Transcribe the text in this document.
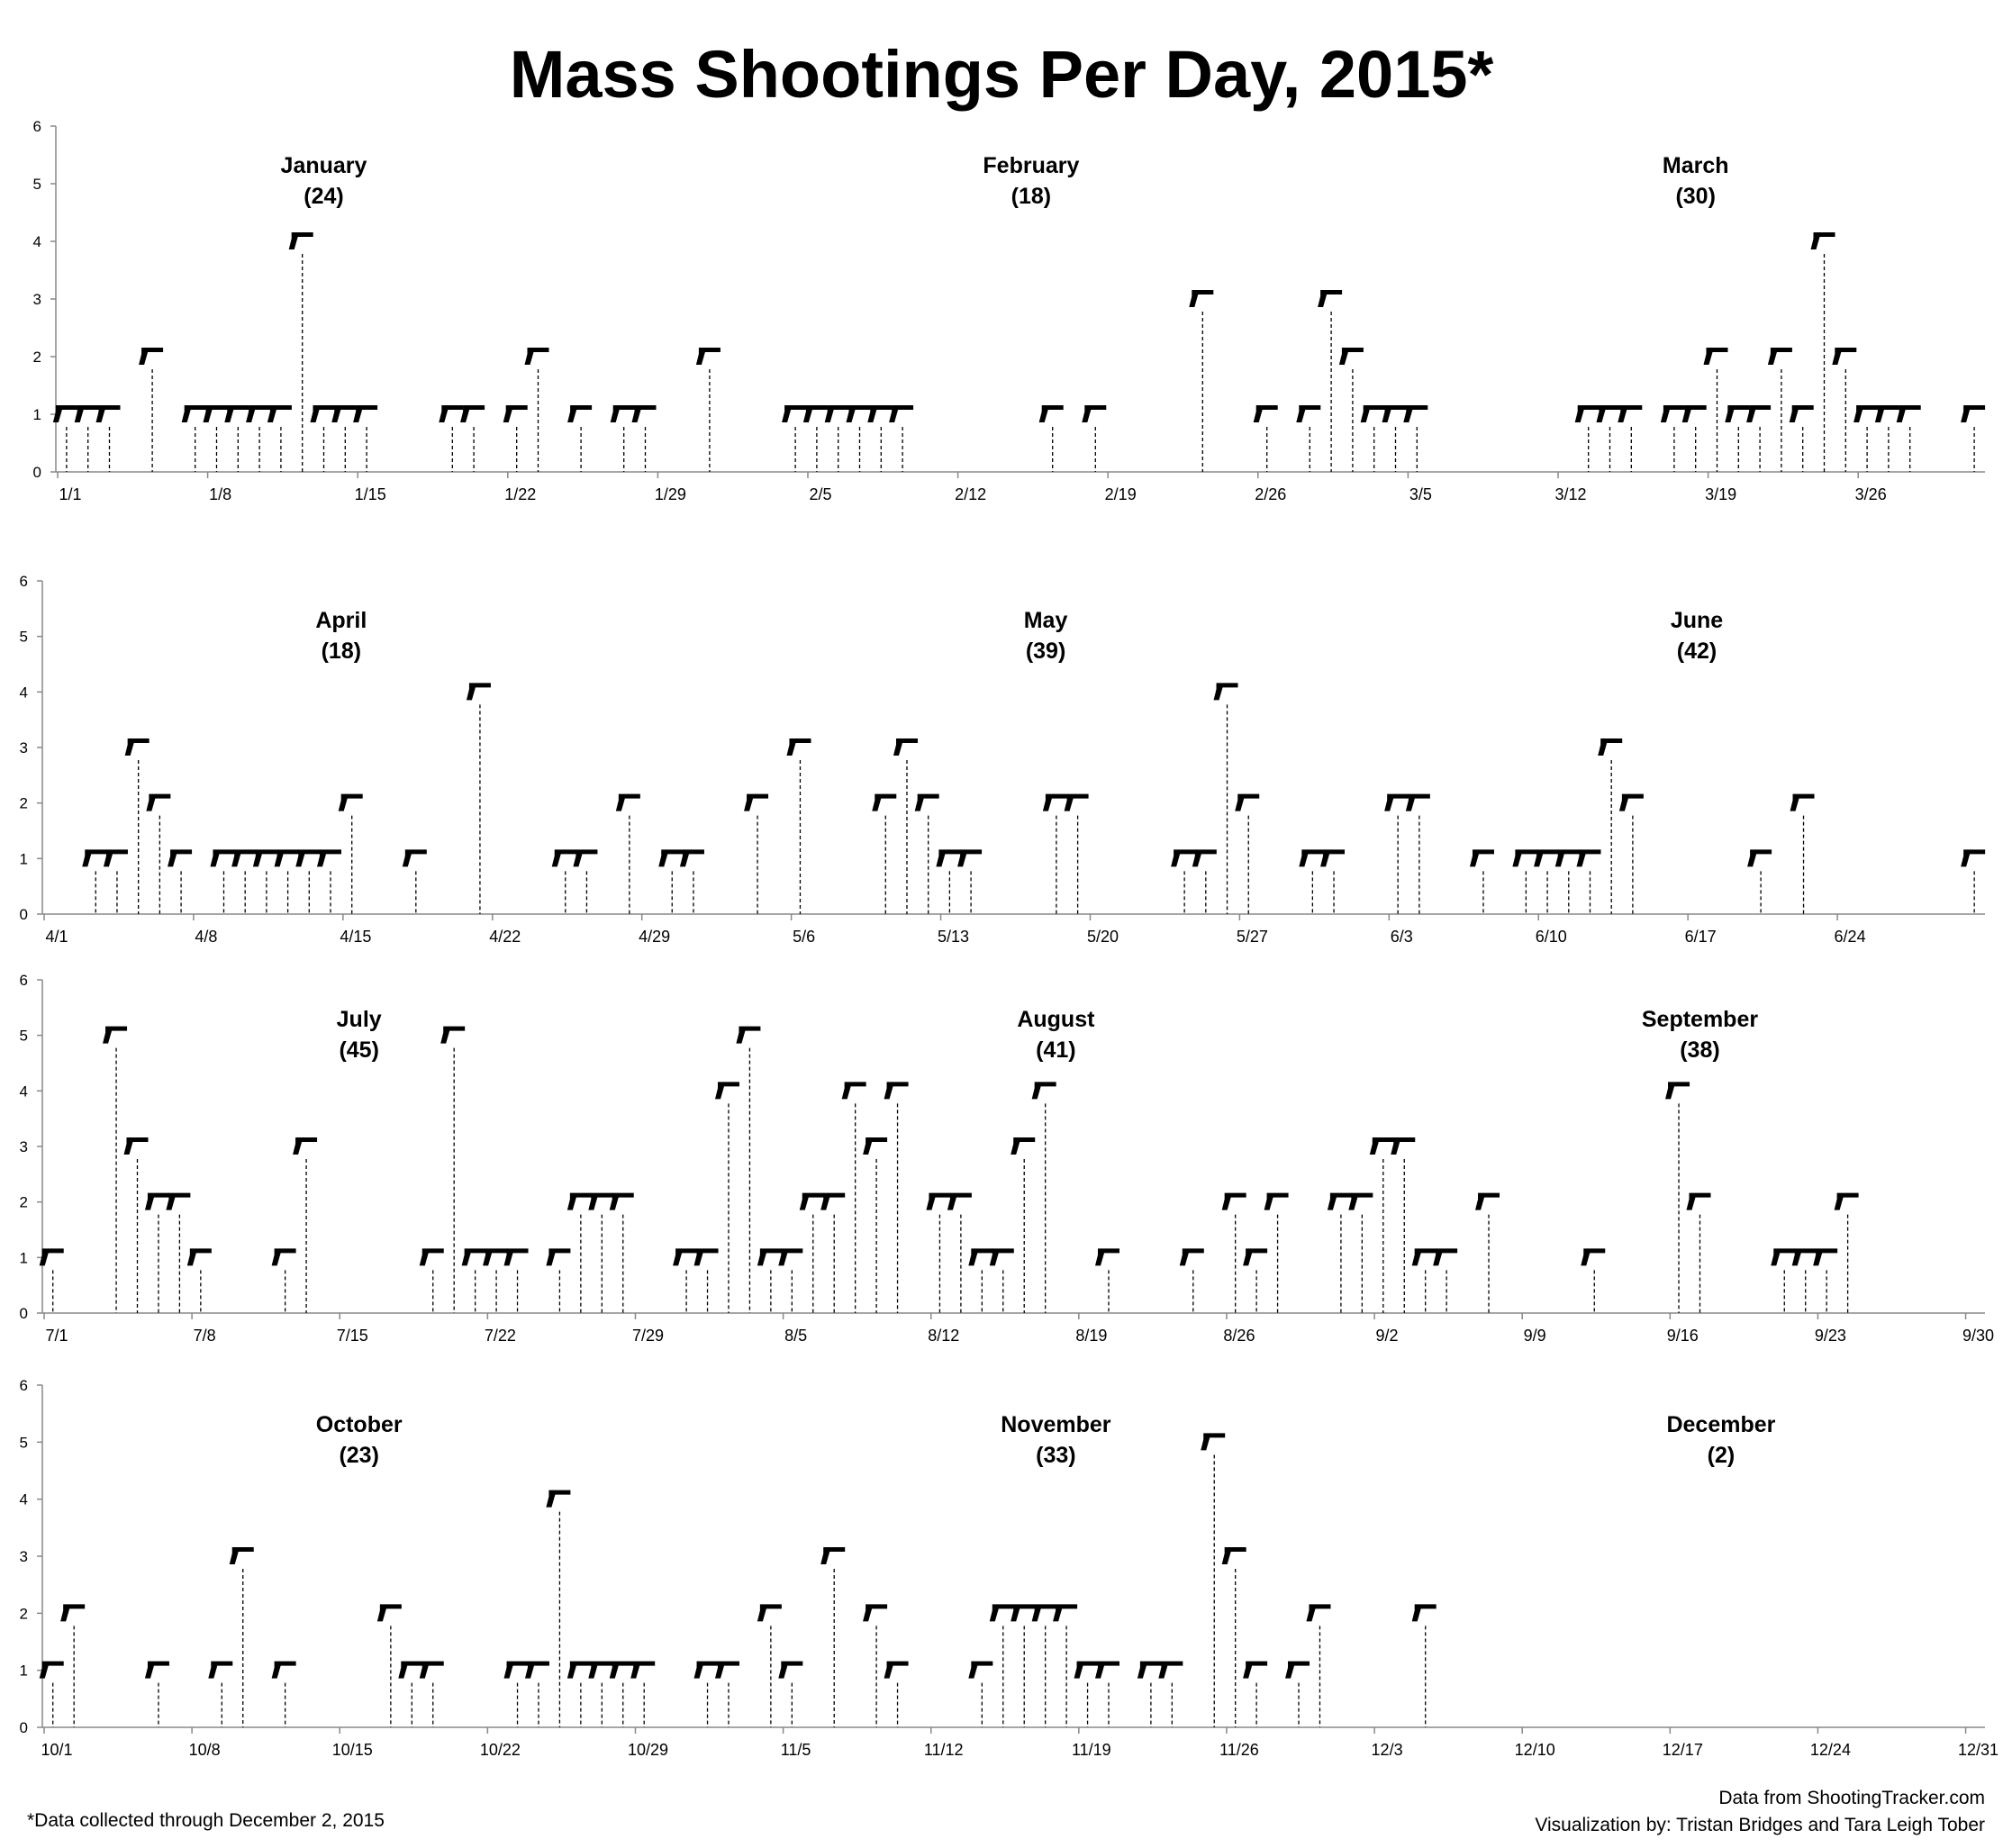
Mass Shootings Per Day, 2015*
0
1
2
3
4
5
6
1/1	1/8	1/15	1/22	1/29	2/5	2/12	2/19	2/26	3/5	3/12	3/19	3/26
January
(24)
February
(18)
March
(30)
0
1
2
3
4
5
6
4/1	4/8	4/15	4/22	4/29	5/6	5/13	5/20	5/27	6/3	6/10	6/17	6/24
April
(18)
May
(39)
June
(42)
0
1
2
3
4
5
6
7/1	7/8	7/15	7/22	7/29	8/5	8/12	8/19	8/26	9/2	9/9	9/16	9/23	9/30
July
(45)
August
(41)
September
(38)
0
1
2
3
4
5
6
10/1	10/8	10/15	10/22	10/29	11/5	11/12	11/19	11/26	12/3	12/10	12/17	12/24	12/31
October
(23)
November
(33)
December
(2)
*Data collected through December 2, 2015
Data from ShootingTracker.com
Visualization by: Tristan Bridges and Tara Leigh Tober
